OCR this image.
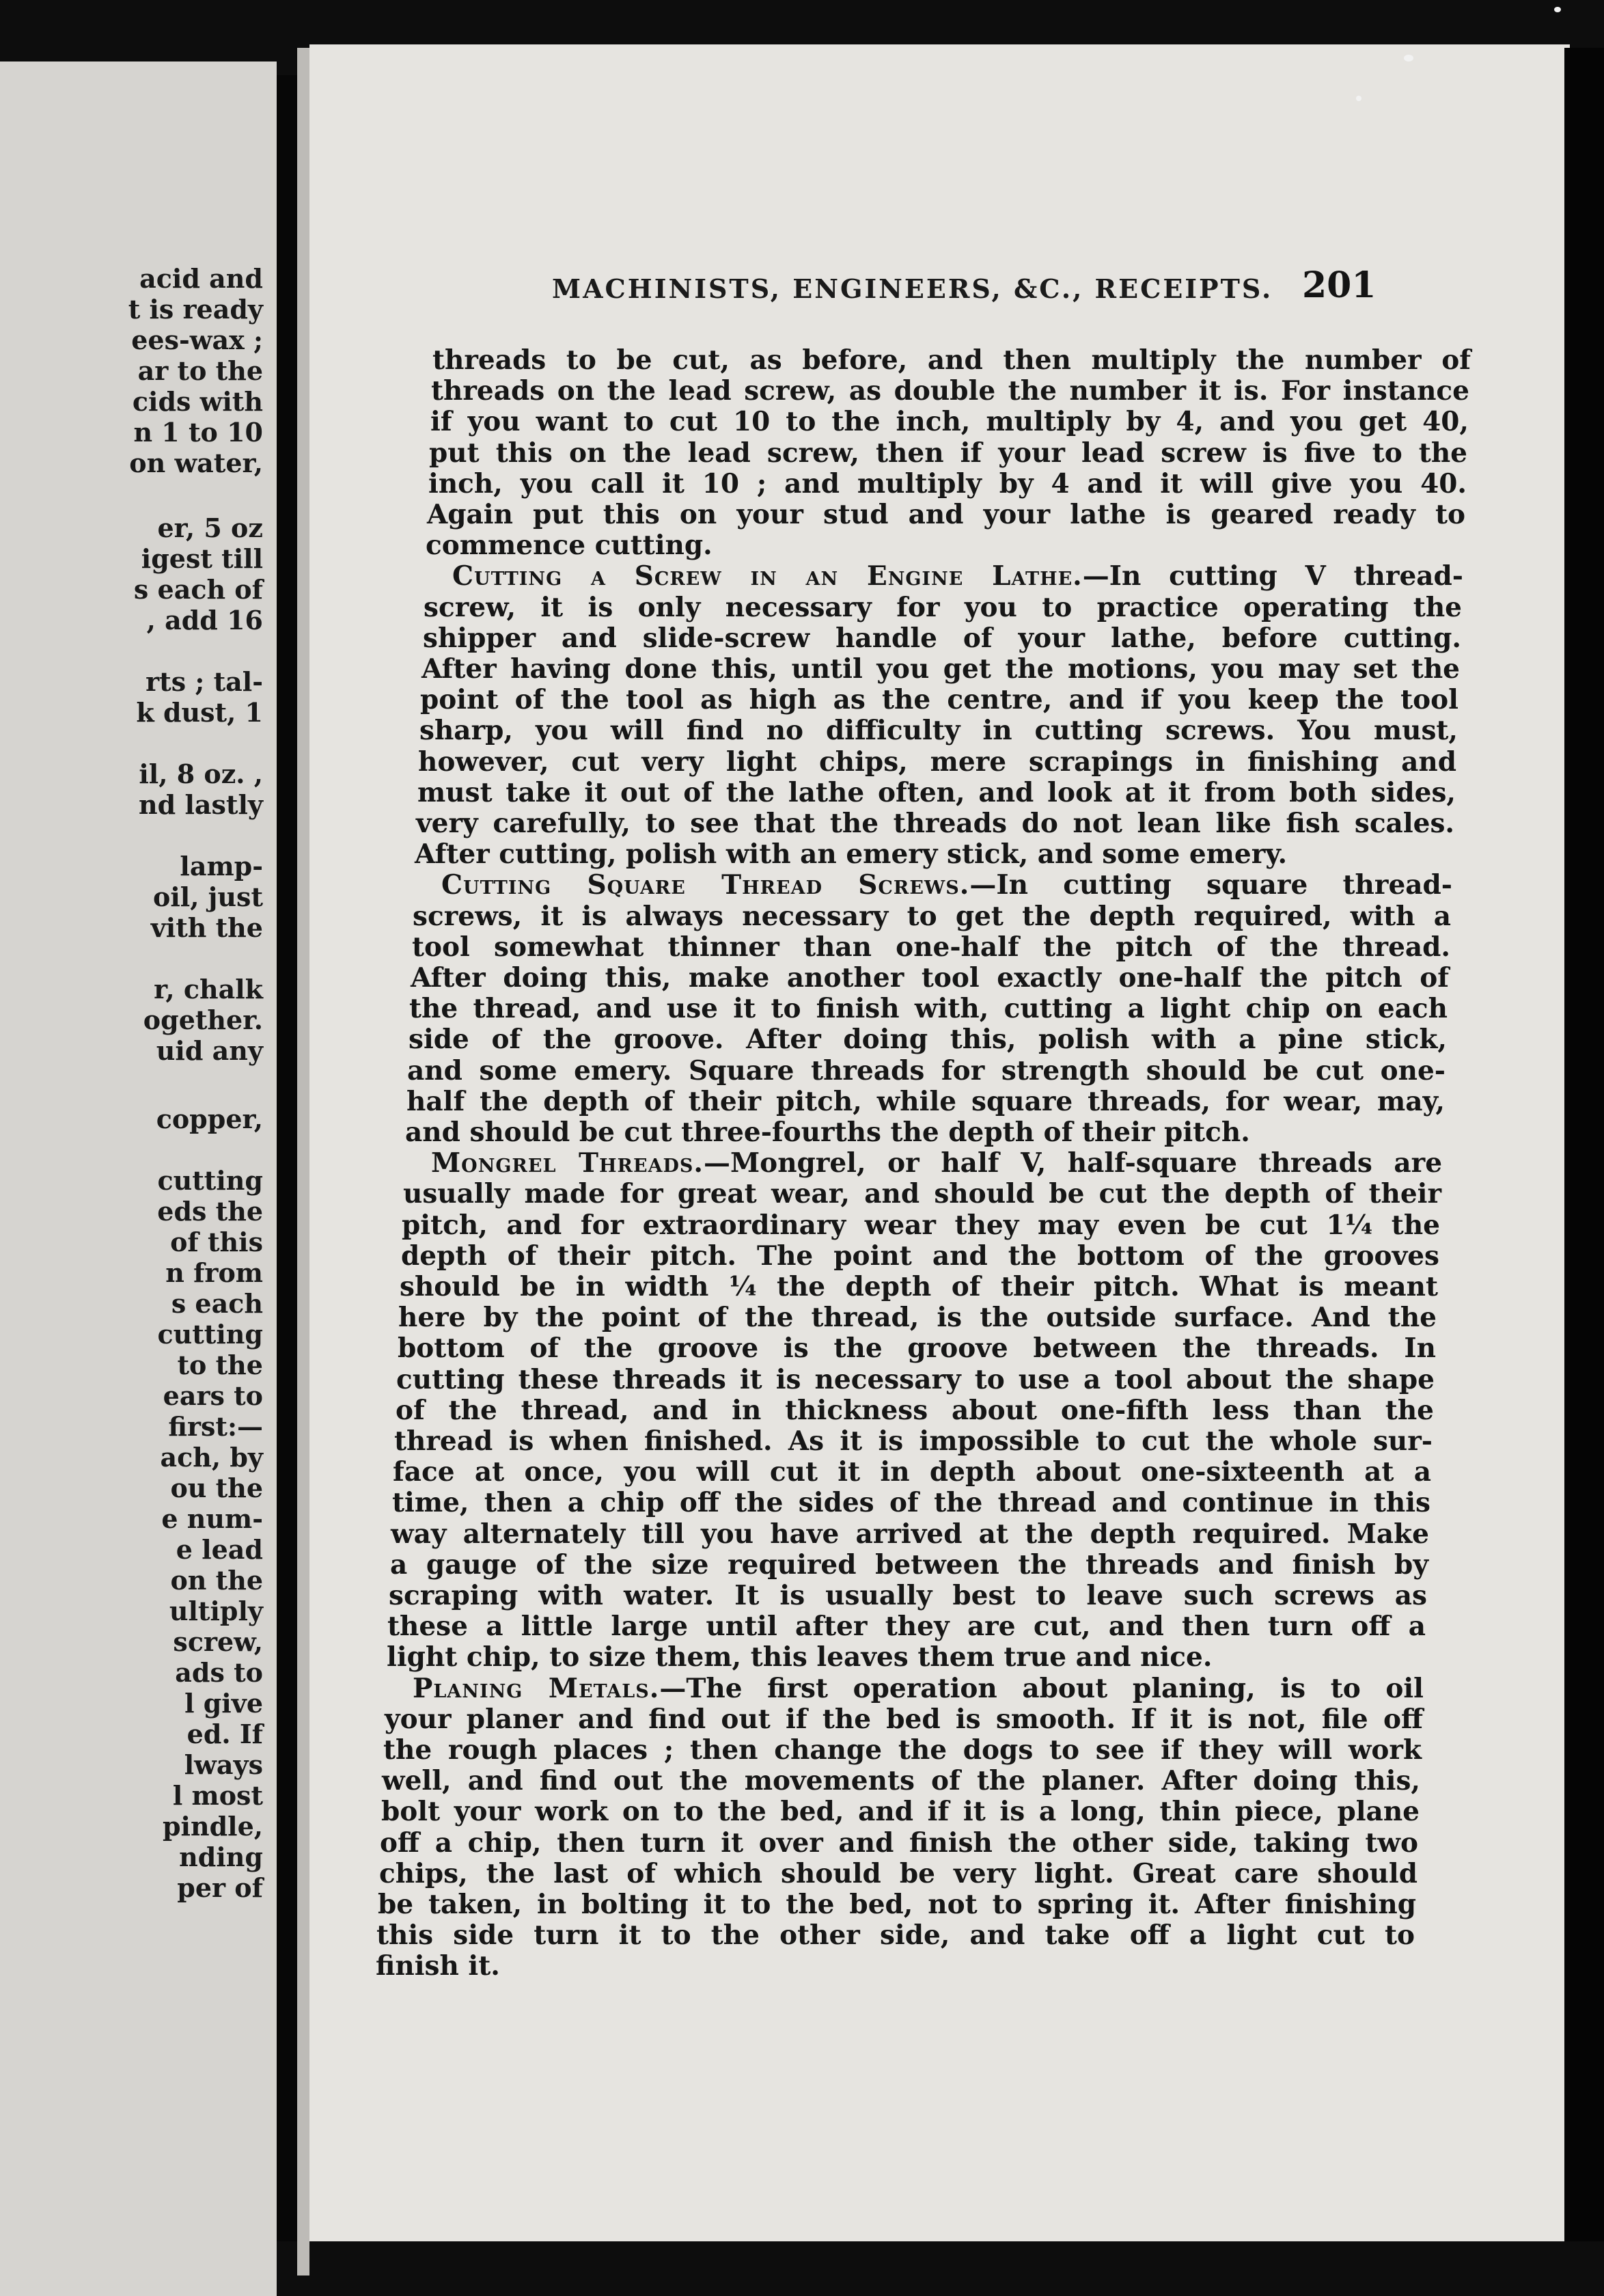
acid and
t is ready
ees-wax ;
ar to the
cids with
n 1 to 10
on water,
er, 5 oz
igest till
s each of
, add 16
rts ; tal-
k dust, 1
il, 8 oz. ,
nd lastly
lamp-
oil, just
vith the
r, chalk
ogether.
uid any
copper,
cutting
eds the
of this
n from
s each
cutting
to the
ears to
first:—
ach, by
ou the
e num-
e lead
on the
ultiply
screw,
ads to
l give
ed. If
lways
l most
pindle,
nding
per of
MACHINISTS, ENGINEERS, &C., RECEIPTS. 201
threads to be cut, as before, and then multiply the number of
threads on the lead screw, as double the number it is. For instance
if you want to cut 10 to the inch, multiply by 4, and you get 40,
put this on the lead screw, then if your lead screw is five to the
inch, you call it 10 ; and multiply by 4 and it will give you 40.
Again put this on your stud and your lathe is geared ready to
commence cutting.
Cutting a Screw in an Engine Lathe.—In cutting V thread-
screw, it is only necessary for you to practice operating the
shipper and slide-screw handle of your lathe, before cutting.
After having done this, until you get the motions, you may set the
point of the tool as high as the centre, and if you keep the tool
sharp, you will find no difficulty in cutting screws. You must,
however, cut very light chips, mere scrapings in finishing and
must take it out of the lathe often, and look at it from both sides,
very carefully, to see that the threads do not lean like fish scales.
After cutting, polish with an emery stick, and some emery.
Cutting Square Thread Screws.—In cutting square thread-
screws, it is always necessary to get the depth required, with a
tool somewhat thinner than one-half the pitch of the thread.
After doing this, make another tool exactly one-half the pitch of
the thread, and use it to finish with, cutting a light chip on each
side of the groove. After doing this, polish with a pine stick,
and some emery. Square threads for strength should be cut one-
half the depth of their pitch, while square threads, for wear, may,
and should be cut three-fourths the depth of their pitch.
Mongrel Threads.—Mongrel, or half V, half-square threads are
usually made for great wear, and should be cut the depth of their
pitch, and for extraordinary wear they may even be cut 1¼ the
depth of their pitch. The point and the bottom of the grooves
should be in width ¼ the depth of their pitch. What is meant
here by the point of the thread, is the outside surface. And the
bottom of the groove is the groove between the threads. In
cutting these threads it is necessary to use a tool about the shape
of the thread, and in thickness about one-fifth less than the
thread is when finished. As it is impossible to cut the whole sur-
face at once, you will cut it in depth about one-sixteenth at a
time, then a chip off the sides of the thread and continue in this
way alternately till you have arrived at the depth required. Make
a gauge of the size required between the threads and finish by
scraping with water. It is usually best to leave such screws as
these a little large until after they are cut, and then turn off a
light chip, to size them, this leaves them true and nice.
Planing Metals.—The first operation about planing, is to oil
your planer and find out if the bed is smooth. If it is not, file off
the rough places ; then change the dogs to see if they will work
well, and find out the movements of the planer. After doing this,
bolt your work on to the bed, and if it is a long, thin piece, plane
off a chip, then turn it over and finish the other side, taking two
chips, the last of which should be very light. Great care should
be taken, in bolting it to the bed, not to spring it. After finishing
this side turn it to the other side, and take off a light cut to
finish it.
